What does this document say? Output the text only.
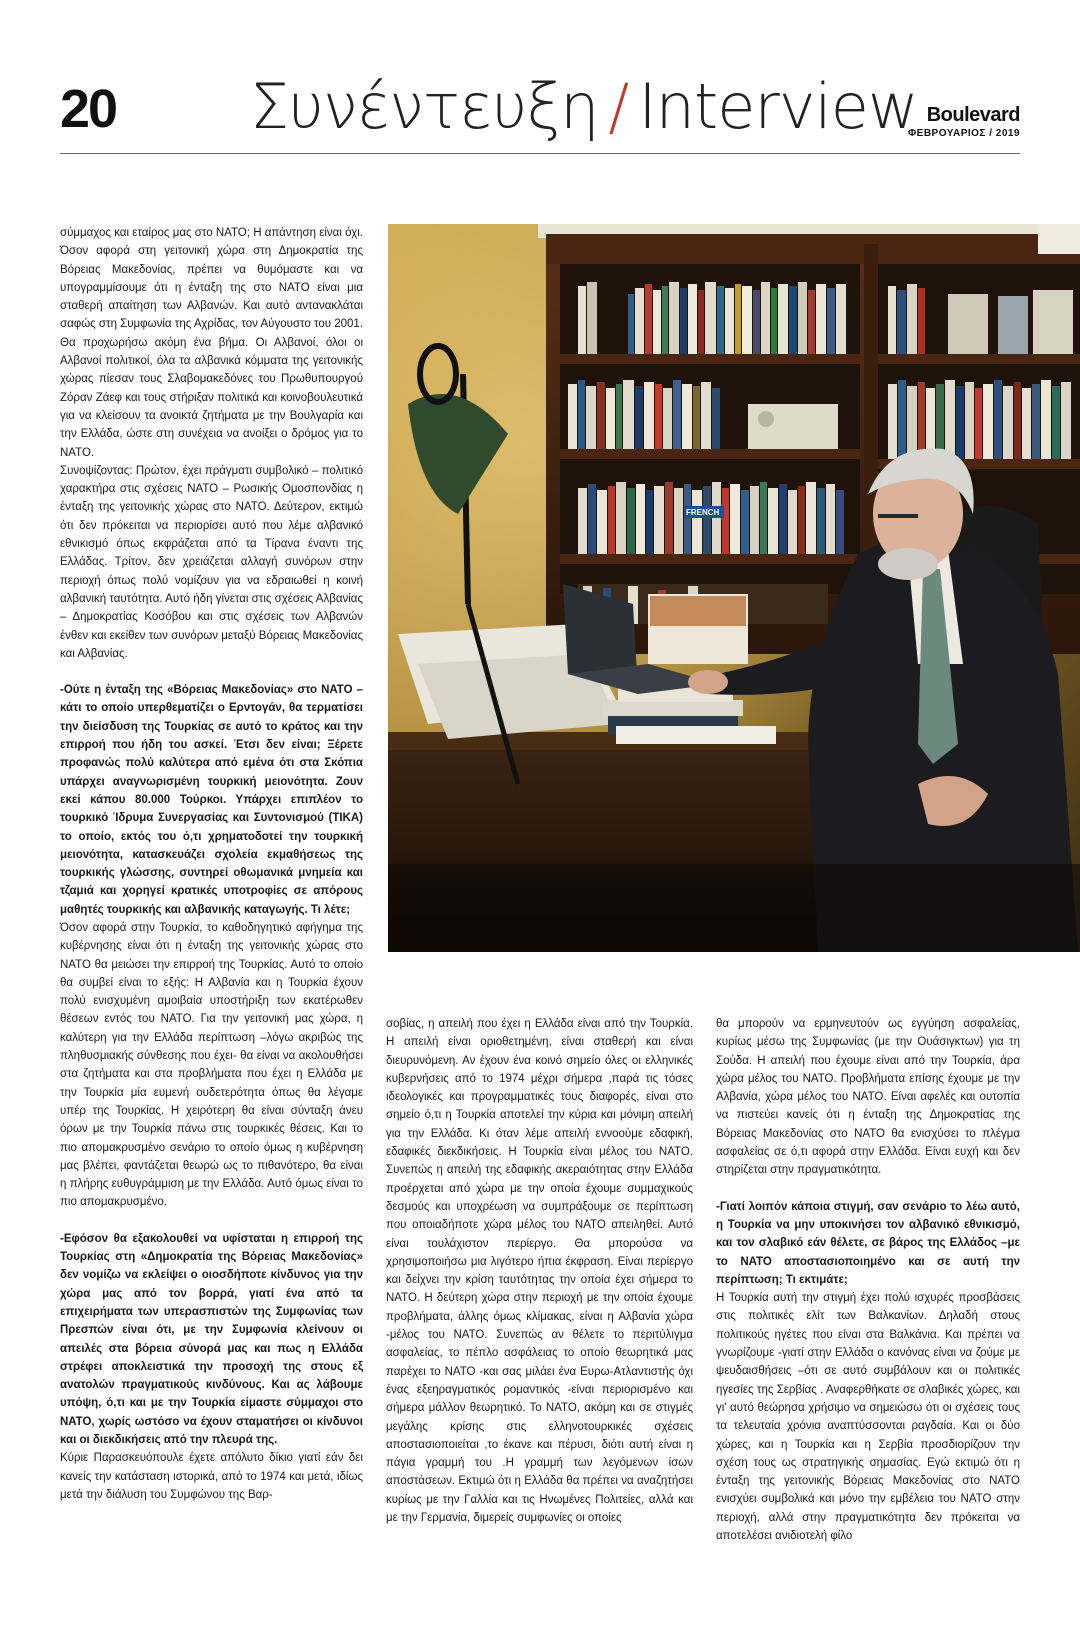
20 Συνέντευξη / Interview Boulevard
ΦΕΒΡΟΥΑΡΙΟΣ / 2019

σύμμαχος και εταίρος μας στο ΝΑΤΟ; Η απάντηση είναι όχι. Όσον αφορά στη γειτονική χώρα στη Δημοκρατία της Βόρειας Μακεδονίας, πρέπει να θυμόμαστε και να υπογραμμίσουμε ότι η ένταξη της στο ΝΑΤΟ είναι μια σταθερή απαίτηση των Αλβανών. Και αυτό αντανακλάται σαφώς στη Συμφωνία της Αχρίδας, τον Αύγουστο του 2001. Θα προχωρήσω ακόμη ένα βήμα. Οι Αλβανοί, όλοι οι Αλβανοί πολιτικοί, όλα τα αλβανικά κόμματα της γειτονικής χώρας πίεσαν τους Σλαβομακεδόνες του Πρωθυπουργού Ζόραν Ζάεφ και τους στήριξαν πολιτικά και κοινοβουλευτικά για να κλείσουν τα ανοικτά ζητήματα με την Βουλγαρία και την Ελλάδα, ώστε στη συνέχεια να ανοίξει ο δρόμος για το ΝΑΤΟ.

Συνοψίζοντας: Πρώτον, έχει πράγματι συμβολικό – πολιτικό χαρακτήρα στις σχέσεις ΝΑΤΟ – Ρωσικής Ομοσπονδίας η ένταξη της γειτονικής χώρας στο ΝΑΤΟ. Δεύτερον, εκτιμώ ότι δεν πρόκειται να περιορίσει αυτό που λέμε αλβανικό εθνικισμό όπως εκφράζεται από τα Τίρανα έναντι της Ελλάδας. Τρίτον, δεν χρειάζεται αλλαγή συνόρων στην περιοχή όπως πολύ νομίζουν για να εδραιωθεί η κοινή αλβανική ταυτότητα. Αυτό ήδη γίνεται στις σχέσεις Αλβανίας – Δημοκρατίας Κοσόβου και στις σχέσεις των Αλβανών ένθεν και εκείθεν των συνόρων μεταξύ Βόρειας Μακεδονίας και Αλβανίας.

-Ούτε η ένταξη της «Βόρειας Μακεδονίας» στο ΝΑΤΟ –κάτι το οποίο υπερθεματίζει ο Ερντογάν, θα τερματίσει την διείσδυση της Τουρκίας σε αυτό το κράτος και την επιρροή που ήδη του ασκεί. Έτσι δεν είναι; Ξέρετε προφανώς πολύ καλύτερα από εμένα ότι στα Σκόπια υπάρχει αναγνωρισμένη τουρκική μειονότητα. Ζουν εκεί κάπου 80.000 Τούρκοι. Υπάρχει επιπλέον το τουρκικό Ίδρυμα Συνεργασίας και Συντονισμού (TIKA) το οποίο, εκτός του ό,τι χρηματοδοτεί την τουρκική μειονότητα, κατασκευάζει σχολεία εκμαθήσεως της τουρκικής γλώσσης, συντηρεί οθωμανικά μνημεία και τζαμιά και χορηγεί κρατικές υποτροφίες σε απόρους μαθητές τουρκικής και αλβανικής καταγωγής. Τι λέτε;

Όσον αφορά στην Τουρκία, το καθοδηγητικό αφήγημα της κυβέρνησης είναι ότι η ένταξη της γειτονικής χώρας στο ΝΑΤΟ θα μειώσει την επιρροή της Τουρκίας. Αυτό το οποίο θα συμβεί είναι το εξής: Η Αλβανία και η Τουρκία έχουν πολύ ενισχυμένη αμοιβαία υποστήριξη των εκατέρωθεν θέσεων εντός του ΝΑΤΟ. Για την γειτονική μας χώρα, η καλύτερη για την Ελλάδα περίπτωση –λόγω ακριβώς της πληθυσμιακής σύνθεσης που έχει- θα είναι να ακολουθήσει στα ζητήματα και στα προβλήματα που έχει η Ελλάδα με την Τουρκία μία ευμενή ουδετερότητα όπως θα λέγαμε υπέρ της Τουρκίας. Η χειρότερη θα είναι σύνταξη άνευ όρων με την Τουρκία πάνω στις τουρκικές θέσεις. Και το πιο απομακρυσμένο σενάριο το οποίο όμως η κυβέρνηση μας βλέπει, φαντάζεται θεωρώ ως το πιθανότερο, θα είναι η πλήρης ευθυγράμμιση με την Ελλάδα. Αυτό όμως είναι το πιο απομακρυσμένο.

-Εφόσον θα εξακολουθεί να υφίσταται η επιρροή της Τουρκίας στη «Δημοκρατία της Βόρειας Μακεδονίας» δεν νομίζω να εκλείψει ο οιοσδήποτε κίνδυνος για την χώρα μας από τον βορρά, γιατί ένα από τα επιχειρήματα των υπερασπιστών της Συμφωνίας των Πρεσπών είναι ότι, με την Συμφωνία κλείνουν οι απειλές στα βόρεια σύνορά μας και πως η Ελλάδα στρέφει αποκλειστικά την προσοχή της στους εξ ανατολών πραγματικούς κινδύνους. Και ας λάβουμε υπόψη, ό,τι και με την Τουρκία είμαστε σύμμαχοι στο ΝΑΤΟ, χωρίς ωστόσο να έχουν σταματήσει οι κίνδυνοι και οι διεκδικήσεις από την πλευρά της.

Κύριε Παρασκευόπουλε έχετε απόλυτο δίκιο γιατί εάν δει κανείς την κατάσταση ιστορικά, από το 1974 και μετά, ιδίως μετά την διάλυση του Συμφώνου της Βαρ-

FRENCH

σοβίας, η απειλή που έχει η Ελλάδα είναι από την Τουρκία. Η απειλή είναι οριοθετημένη, είναι σταθερή και είναι διευρυνόμενη. Αν έχουν ένα κοινό σημείο όλες οι ελληνικές κυβερνήσεις από το 1974 μέχρι σήμερα ,παρά τις τόσες ιδεολογικές και προγραμματικές τους διαφορές, είναι στο σημείο ό,τι η Τουρκία αποτελεί την κύρια και μόνιμη απειλή για την Ελλάδα. Κι όταν λέμε απειλή εννοούμε εδαφική, εδαφικές διεκδικήσεις. Η Τουρκία είναι μέλος του ΝΑΤΟ. Συνεπώς η απειλή της εδαφικής ακεραιότητας στην Ελλάδα προέρχεται από χώρα με την οποία έχουμε συμμαχικούς δεσμούς και υποχρέωση να συμπράξουμε σε περίπτωση που οποιαδήποτε χώρα μέλος του ΝΑΤΟ απειληθεί. Αυτό είναι τουλάχιστον περίεργο. Θα μπορούσα να χρησιμοποιήσω μια λιγότερο ήπια έκφραση. Είναι περίεργο και δείχνει την κρίση ταυτότητας την οποία έχει σήμερα το ΝΑΤΟ. Η δεύτερη χώρα στην περιοχή με την οποία έχουμε προβλήματα, άλλης όμως κλίμακας, είναι η Αλβανία χώρα -μέλος του ΝΑΤΟ. Συνεπώς αν θέλετε το περιτύλιγμα ασφαλείας, το πέπλο ασφάλειας το οποίο θεωρητικά μας παρέχει το ΝΑΤΟ -και σας μιλάει ένα Ευρω-Ατλαντιστής όχι ένας εξεηραγματικός ρομαντικός -είναι περιορισμένο και σήμερα μάλλον θεωρητικό. Το ΝΑΤΟ, ακόμη και σε στιγμές μεγάλης κρίσης στις ελληνοτουρκικές σχέσεις αποστασιοποιείται ,το έκανε και πέρυσι, διότι αυτή είναι η πάγια γραμμή του .Η γραμμή των λεγόμενων ίσων αποστάσεων. Εκτιμώ ότι η Ελλάδα θα πρέπει να αναζητήσει κυρίως με την Γαλλία και τις Ηνωμένες Πολιτείες, αλλά και με την Γερμανία, διμερείς συμφωνίες οι οποίες

θα μπορούν να ερμηνευτούν ως εγγύηση ασφαλείας, κυρίως μέσω της Συμφωνίας (με την Ουάσιγκτων) για τη Σούδα. Η απειλή που έχουμε είναι από την Τουρκία, άρα χώρα μέλος του ΝΑΤΟ. Προβλήματα επίσης έχουμε με την Αλβανία, χώρα μέλος του ΝΑΤΟ. Είναι αφελές και ουτοπία να πιστεύει κανείς ότι η ένταξη της Δημοκρατίας της Βόρειας Μακεδονίας στο ΝΑΤΟ θα ενισχύσει το πλέγμα ασφαλείας σε ό,τι αφορά στην Ελλάδα. Είναι ευχή και δεν στηρίζεται στην πραγματικότητα.

-Γιατί λοιπόν κάποια στιγμή, σαν σενάριο το λέω αυτό, η Τουρκία να μην υποκινήσει τον αλβανικό εθνικισμό, και τον σλαβικό εάν θέλετε, σε βάρος της Ελλάδος –με το ΝΑΤΟ αποστασιοποιημένο και σε αυτή την περίπτωση; Τι εκτιμάτε;

Η Τουρκία αυτή την στιγμή έχει πολύ ισχυρές προσβάσεις στις πολιτικές ελίτ των Βαλκανίων. Δηλαδή στους πολιτικούς ηγέτες που είναι στα Βαλκάνια. Και πρέπει να γνωρίζουμε -γιατί στην Ελλάδα ο κανόνας είναι να ζούμε με ψευδαισθήσεις –ότι σε αυτό συμβάλουν και οι πολιτικές ηγεσίες της Σερβίας . Αναφερθήκατε σε σλαβικές χώρες, και γι' αυτό θεώρησα χρήσιμο να σημειώσω ότι οι σχέσεις τους τα τελευταία χρόνια αναπτύσσονται ραγδαία. Και οι δύο χώρες, και η Τουρκία και η Σερβία προσδιορίζουν την σχέση τους ως στρατηγικής σημασίας. Εγώ εκτιμώ ότι η ένταξη της γειτονικής Βόρειας Μακεδονίας στο ΝΑΤΟ ενισχύει συμβολικά και μόνο την εμβέλεια του ΝΑΤΟ στην περιοχή, αλλά στην πραγματικότητα δεν πρόκειται να αποτελέσει ανιδιοτελή φίλο
